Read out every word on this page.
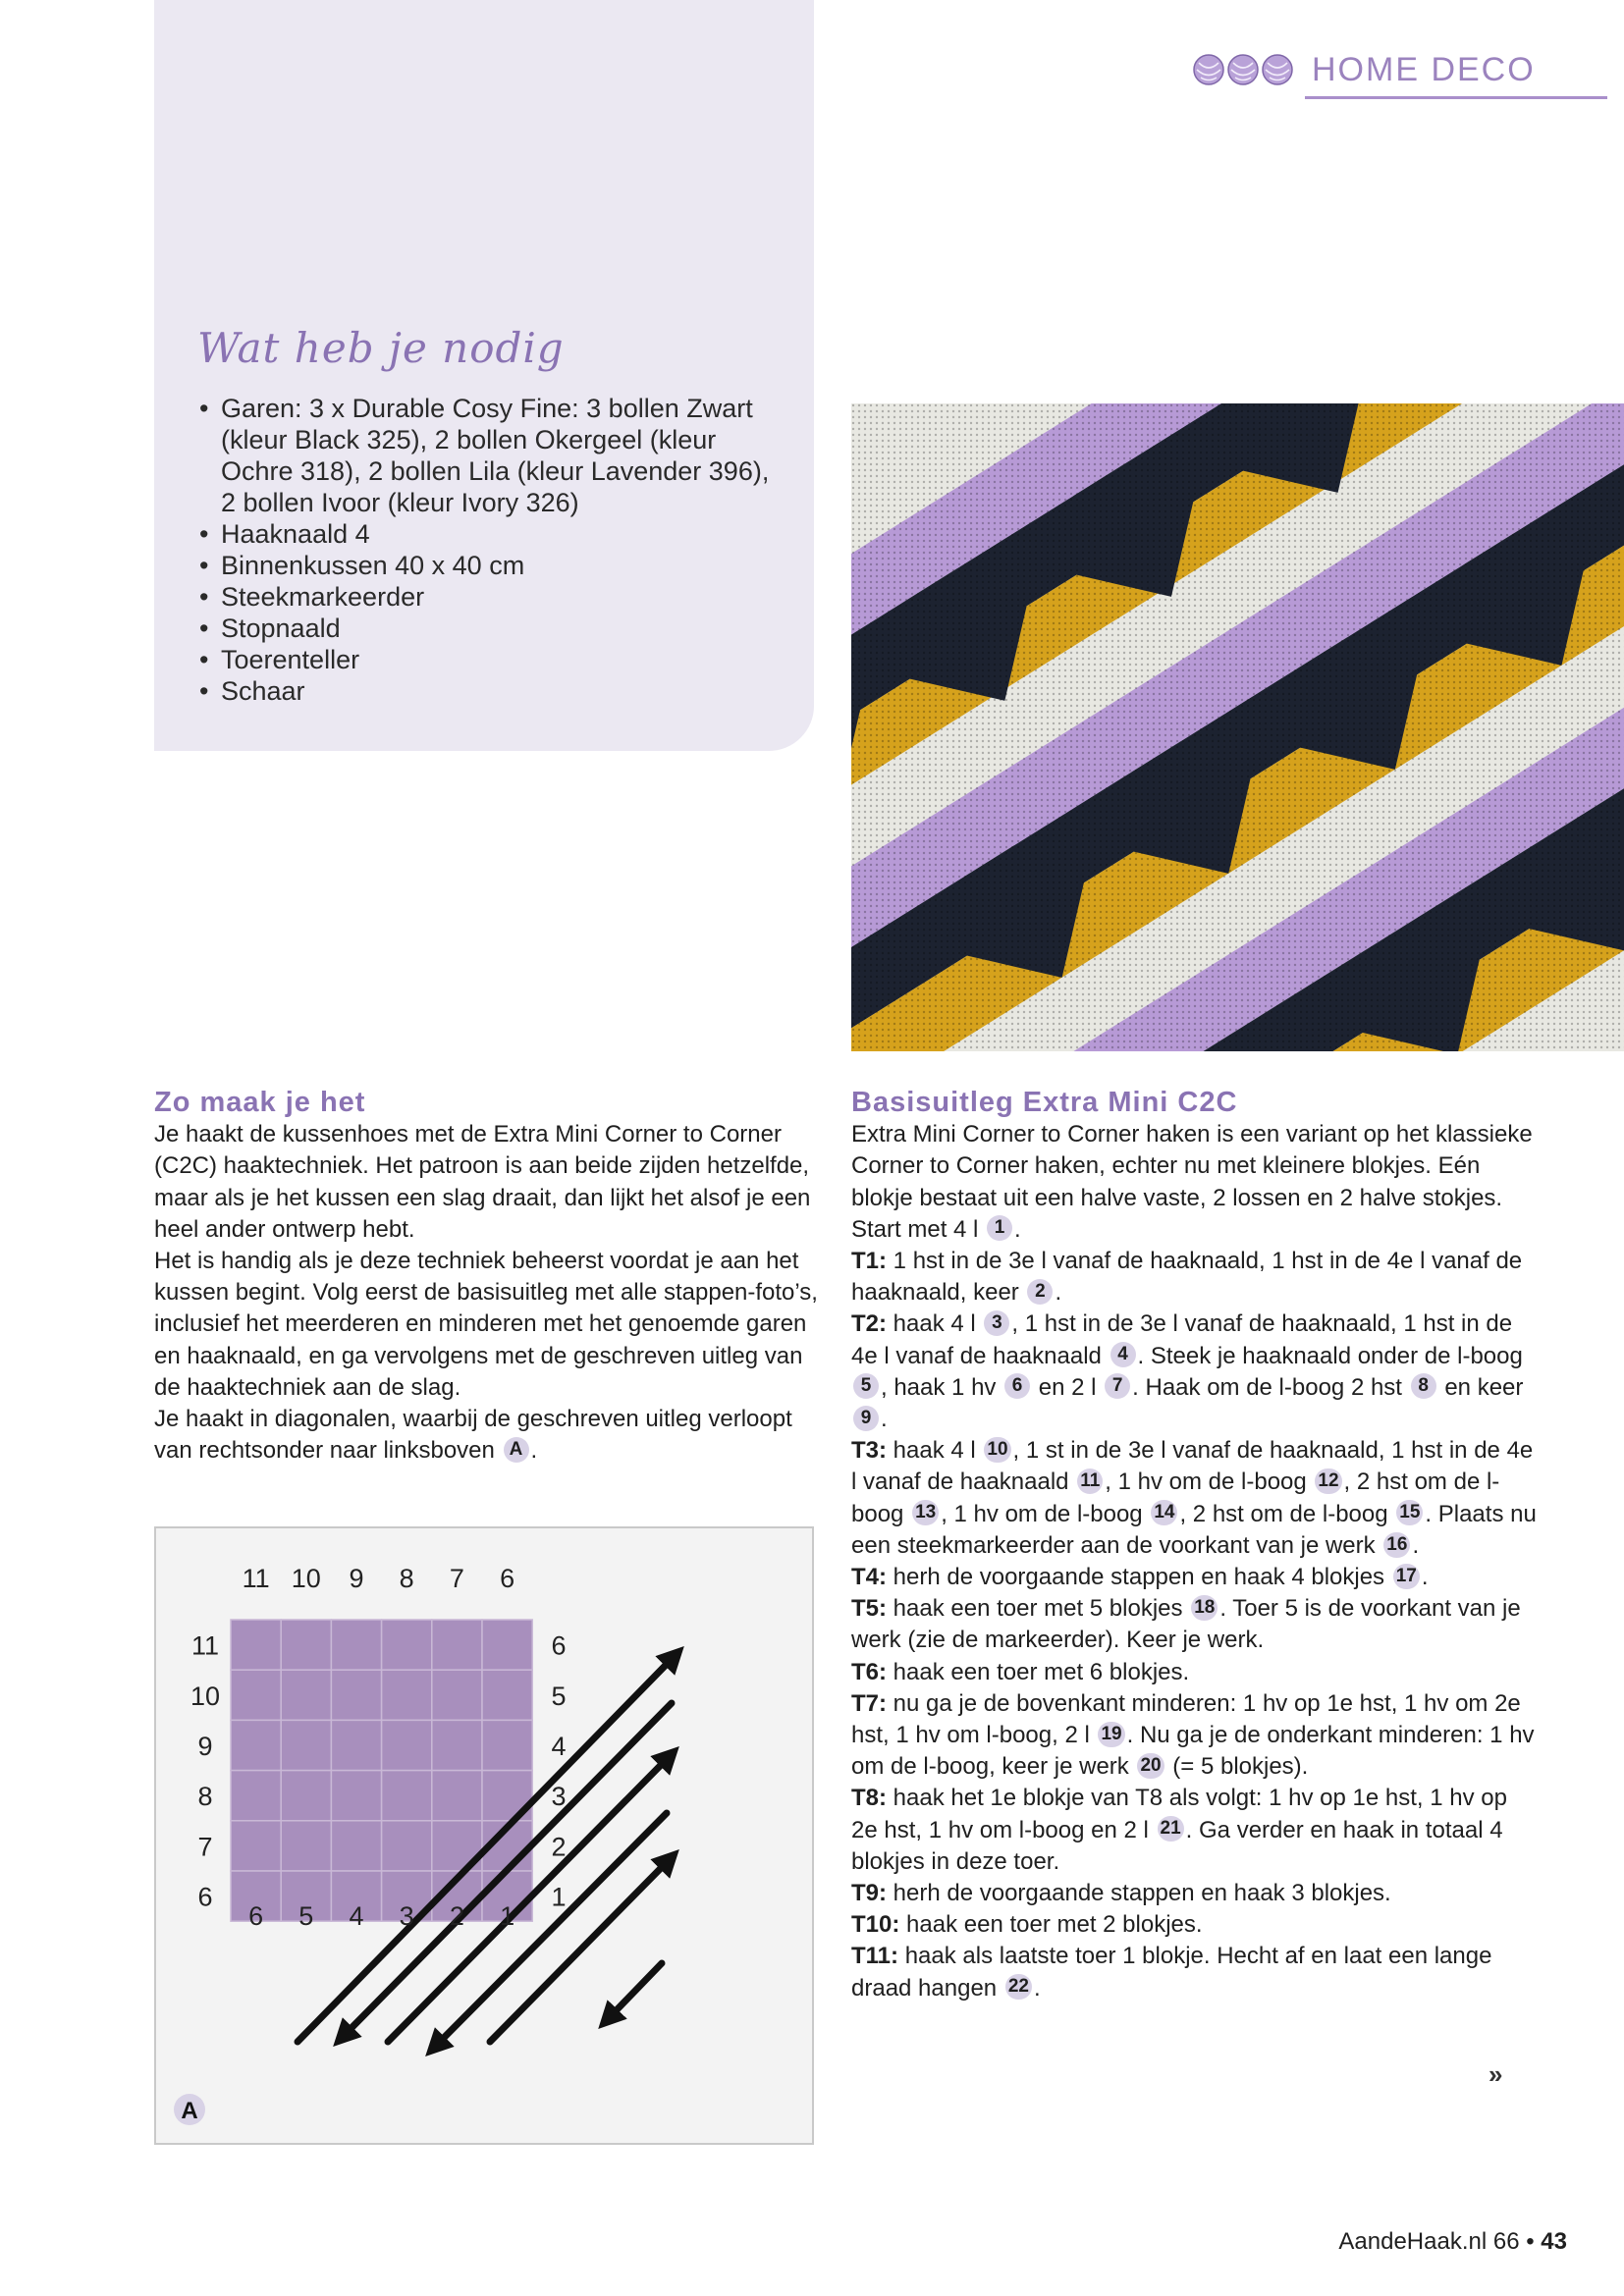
HOME DECO
Wat heb je nodig
• Garen: 3 x Durable Cosy Fine: 3 bollen Zwart (kleur Black 325), 2 bollen Okergeel (kleur Ochre 318), 2 bollen Lila (kleur Lavender 396), 2 bollen Ivoor (kleur Ivory 326)
• Haaknaald 4
• Binnenkussen 40 x 40 cm
• Steekmarkeerder
• Stopnaald
• Toerenteller
• Schaar
Zo maak je het

Je haakt de kussenhoes met de Extra Mini Corner to Corner (C2C) haaktechniek. Het patroon is aan beide zijden hetzelfde, maar als je het kussen een slag draait, dan lijkt het alsof je een heel ander ontwerp hebt.

Het is handig als je deze techniek beheerst voordat je aan het kussen begint. Volg eerst de basisuitleg met alle stappen-foto’s, inclusief het meerderen en minderen met het genoemde garen en haaknaald, en ga vervolgens met de geschreven uitleg van de haaktechniek aan de slag.

Je haakt in diagonalen, waarbij de geschreven uitleg verloopt van rechtsonder naar linksboven A .

11 10 9 8 7 6
6 5 4 3 2 1
11
10
9
8
7
6
6
5
4
3
2
1
A
Basisuitleg Extra Mini C2C

Extra Mini Corner to Corner haken is een variant op het klassieke Corner to Corner haken, echter nu met kleinere blokjes. Eén blokje bestaat uit een halve vaste, 2 lossen en 2 halve stokjes.

Start met 4 l 1 .

T1: 1 hst in de 3e l vanaf de haaknaald, 1 hst in de 4e l vanaf de haaknaald, keer 2 .

T2: haak 4 l 3 , 1 hst in de 3e l vanaf de haaknaald, 1 hst in de 4e l vanaf de haaknaald 4 . Steek je haaknaald onder de l-boog 5 , haak 1 hv 6 en 2 l 7 . Haak om de l-boog 2 hst 8 en keer 9 .

T3: haak 4 l 10 , 1 st in de 3e l vanaf de haaknaald, 1 hst in de 4e l vanaf de haaknaald 11 , 1 hv om de l-boog 12 , 2 hst om de l-boog 13 , 1 hv om de l-boog 14 , 2 hst om de l-boog 15 . Plaats nu een steekmarkeerder aan de voorkant van je werk 16 .

T4: herh de voorgaande stappen en haak 4 blokjes 17 .

T5: haak een toer met 5 blokjes 18 . Toer 5 is de voorkant van je werk (zie de markeerder). Keer je werk.

T6: haak een toer met 6 blokjes.

T7: nu ga je de bovenkant minderen: 1 hv op 1e hst, 1 hv om 2e hst, 1 hv om l-boog, 2 l 19 . Nu ga je de onderkant minderen: 1 hv om de l-boog, keer je werk 20 (= 5 blokjes).

T8: haak het 1e blokje van T8 als volgt: 1 hv op 1e hst, 1 hv op 2e hst, 1 hv om l-boog en 2 l 21 . Ga verder en haak in totaal 4 blokjes in deze toer.

T9: herh de voorgaande stappen en haak 3 blokjes.

T10: haak een toer met 2 blokjes.

T11: haak als laatste toer 1 blokje. Hecht af en laat een lange draad hangen 22 .

»
AandeHaak.nl 66 • 43
